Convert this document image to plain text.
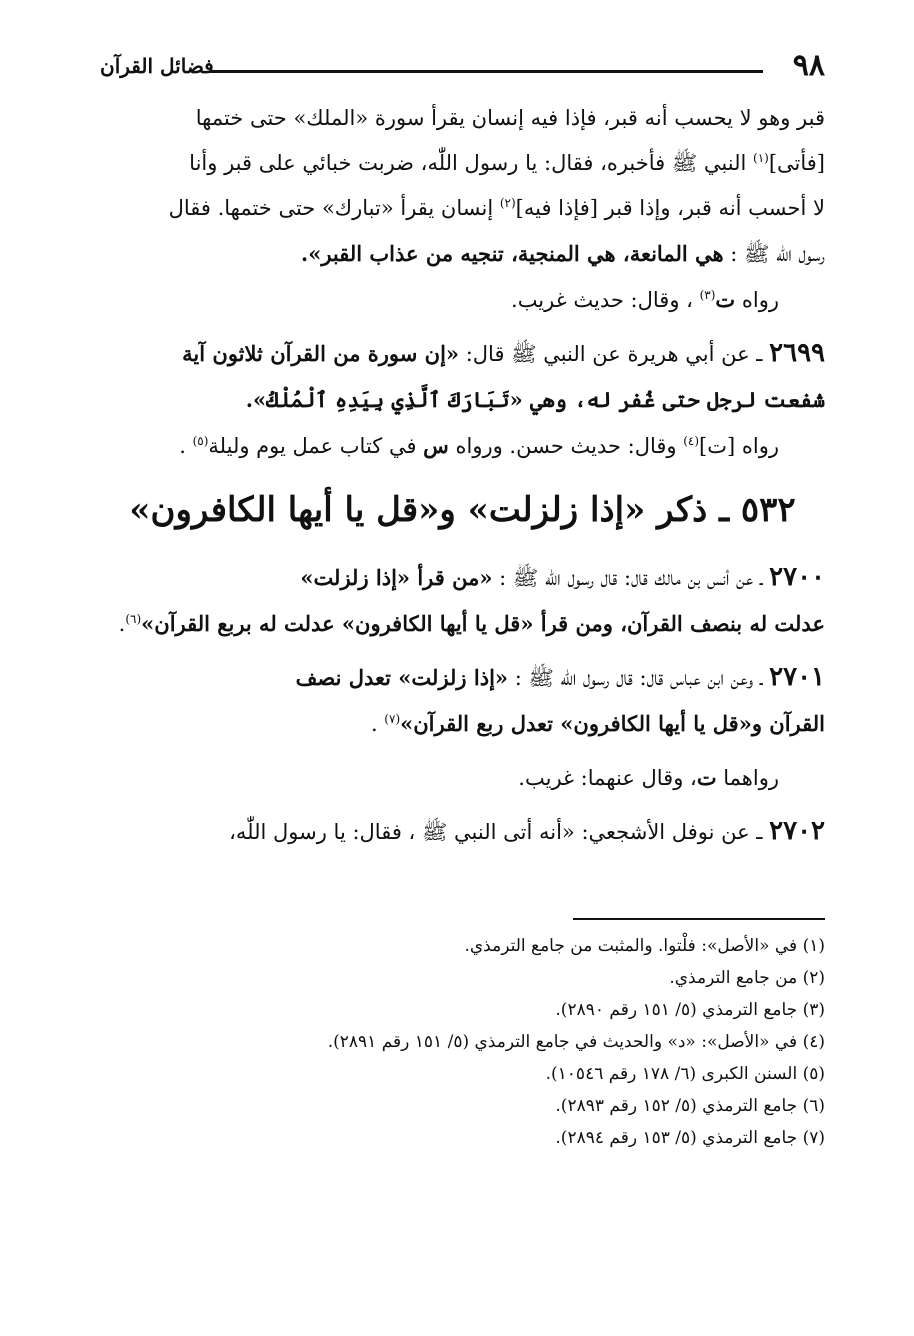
٩٨
فضائل القرآن

قبر وهو لا يحسب أنه قبر، فإذا فيه إنسان يقرأ سورة «الملك» حتى ختمها
[فأتى]$^{(١)}$ النبي ﷺ فأخبره، فقال: يا رسول اللّٰه، ضربت خبائي على قبر وأنا
لا أحسب أنه قبر، وإذا قبر [فإذا فيه]$^{(٢)}$ إنسان يقرأ «تبارك» حتى ختمها. فقال
رسول اللّٰه ﷺ : هي المانعة، هي المنجية، تنجيه من عذاب القبر».

رواه ت$^{(٣)}$ ، وقال: حديث غريب.

٢٦٩٩ ـ عن أبي هريرة عن النبي ﷺ قال: «إن سورة من القرآن ثلاثون آية
شفعت لرجل حتى غُفر له، وهي «تَبَارَكَ ٱلَّذِي بِيَدِهِ ٱلْمُلْكُ».

رواه [ت]$^{(٤)}$ وقال: حديث حسن. ورواه س في كتاب عمل يوم وليلة$^{(٥)}$ .

٥٣٢ ـ ذكر «إذا زلزلت» و«قل يا أيها الكافرون»

٢٧٠٠ ـ عن أنس بن مالك قال: قال رسول اللّٰه ﷺ : «من قرأ «إذا زلزلت»
عدلت له بنصف القرآن، ومن قرأ «قل يا أيها الكافرون» عدلت له بربع القرآن»$^{(٦)}$.

٢٧٠١ ـ وعن ابن عباس قال: قال رسول اللّٰه ﷺ : «إذا زلزلت» تعدل نصف
القرآن و«قل يا أيها الكافرون» تعدل ربع القرآن»$^{(٧)}$ .

رواهما ت، وقال عنهما: غريب.

٢٧٠٢ ـ عن نوفل الأشجعي: «أنه أتى النبي ﷺ ، فقال: يا رسول اللّٰه،

(١) في «الأصل»: فلْتوا. والمثبت من جامع الترمذي.
(٢) من جامع الترمذي.
(٣) جامع الترمذي (٥/ ١٥١ رقم ٢٨٩٠).
(٤) في «الأصل»: «د» والحديث في جامع الترمذي (٥/ ١٥١ رقم ٢٨٩١).
(٥) السنن الكبرى (٦/ ١٧٨ رقم ١٠٥٤٦).
(٦) جامع الترمذي (٥/ ١٥٢ رقم ٢٨٩٣).
(٧) جامع الترمذي (٥/ ١٥٣ رقم ٢٨٩٤).
